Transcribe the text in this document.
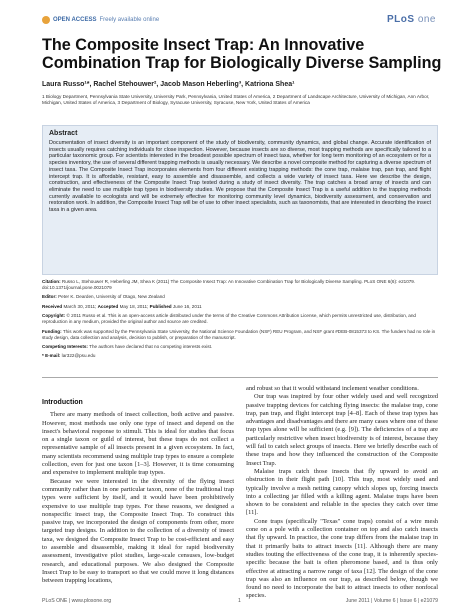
OPEN ACCESS Freely available online	PLoS one
The Composite Insect Trap: An Innovative Combination Trap for Biologically Diverse Sampling
Laura Russo¹*, Rachel Stehouwer², Jacob Mason Heberling³, Katriona Shea¹
1 Biology Department, Pennsylvania State University, University Park, Pennsylvania, United States of America, 2 Department of Landscape Architecture, University of Michigan, Ann Arbor, Michigan, United States of America, 3 Department of Biology, Syracuse University, Syracuse, New York, United States of America
Abstract
Documentation of insect diversity is an important component of the study of biodiversity, community dynamics, and global change. Accurate identification of insects usually requires catching individuals for close inspection. However, because insects are so diverse, most trapping methods are specifically tailored to a particular taxonomic group. For scientists interested in the broadest possible spectrum of insect taxa, whether for long term monitoring of an ecosystem or for a species inventory, the use of several different trapping methods is usually necessary. We describe a novel composite method for capturing a diverse spectrum of insect taxa. The Composite Insect Trap incorporates elements from four different existing trapping methods: the cone trap, malaise trap, pan trap, and flight intercept trap. It is affordable, resistant, easy to assemble and disassemble, and collects a wide variety of insect taxa. Here we describe the design, construction, and effectiveness of the Composite Insect Trap tested during a study of insect diversity. The trap catches a broad array of insects and can eliminate the need to use multiple trap types in biodiversity studies. We propose that the Composite Insect Trap is a useful addition to the trapping methods currently available to ecologists and will be extremely effective for monitoring community level dynamics, biodiversity assessment, and conservation and restoration work. In addition, the Composite Insect Trap will be of use to other insect specialists, such as taxonomists, that are interested in describing the insect taxa in a given area.

Citation: Russo L, Stehouwer R, Heberling JM, Shea K (2011) The Composite Insect Trap: An Innovative Combination Trap for Biologically Diverse Sampling. PLoS ONE 6(6): e21079. doi:10.1371/journal.pone.0021079

Editor: Peter K. Dearden, University of Otago, New Zealand

Received March 30, 2011; Accepted May 18, 2011; Published June 16, 2011

Copyright: © 2011 Russo et al. This is an open-access article distributed under the terms of the Creative Commons Attribution License, which permits unrestricted use, distribution, and reproduction in any medium, provided the original author and source are credited.

Funding: This work was supported by the Pennsylvania State University, the National Science Foundation (NSF) REU Program, and NSF grant #DEB-0815373 to KS. The funders had no role in study design, data collection and analysis, decision to publish, or preparation of the manuscript.

Competing Interests: The authors have declared that no competing interests exist.

* E-mail: lar322@psu.edu

Introduction

There are many methods of insect collection, both active and passive. However, most methods use only one type of insect and depend on the insect's behavioral response to stimuli. This is ideal for studies that focus on a single taxon or guild of interest, but these traps do not collect a representative sample of all insects present in a given ecosystem. In fact, many scientists recommend using multiple trap types to ensure a complete collection, even for just one taxon [1–3]. However, it is time consuming and expensive to implement multiple trap types.

Because we were interested in the diversity of the flying insect community rather than in one particular taxon, none of the traditional trap types were sufficient by itself, and it would have been prohibitively expensive to use multiple trap types. For these reasons, we designed a nonspecific insect trap, the Composite Insect Trap. To construct this passive trap, we incorporated the design of components from other, more targeted trap designs. In addition to the collection of a diversity of insect taxa, we designed the Composite Insect Trap to be cost-efficient and easy to assemble and disassemble, making it ideal for rapid biodiversity assessment, investigative pilot studies, large-scale censuses, low-budget research, and educational purposes. We also designed the Composite Insect Trap to be easy to transport so that we could move it long distances between trapping locations,

and robust so that it would withstand inclement weather conditions.

Our trap was inspired by four other widely used and well recognized passive trapping devices for catching flying insects: the malaise trap, cone trap, pan trap, and flight intercept trap [4–8]. Each of these trap types has advantages and disadvantages and there are many cases where one of these trap types alone will be sufficient (e.g. [9]). The deficiencies of a trap are particularly restrictive when insect biodiversity is of interest, because they will fail to catch select groups of insects. Here we briefly describe each of these traps and how they influenced the construction of the Composite Insect Trap.

Malaise traps catch those insects that fly upward to avoid an obstruction in their flight path [10]. This trap, most widely used and typically involve a mesh netting canopy which slopes up, forcing insects into a collecting jar filled with a killing agent. Malaise traps have been shown to be consistent and reliable in the species they catch over time [11].

Cone traps (specifically "Texas" cone traps) consist of a wire mesh cone on a pole with a collection container on top and also catch insects that fly upward. In practice, the cone trap differs from the malaise trap in that it primarily baits to attract insects [11]. Although there are many studies touting the effectiveness of the cone trap, it is inherently species-specific because the bait is often pheromone based, and is thus only effective at attracting a narrow range of taxa [12]. The design of the cone trap was also an influence on our trap, as described below, though we found no need to incorporate the bait to attract insects to other nonfocal species.

PLoS ONE | www.plosone.org	1	June 2011 | Volume 6 | Issue 6 | e21079
